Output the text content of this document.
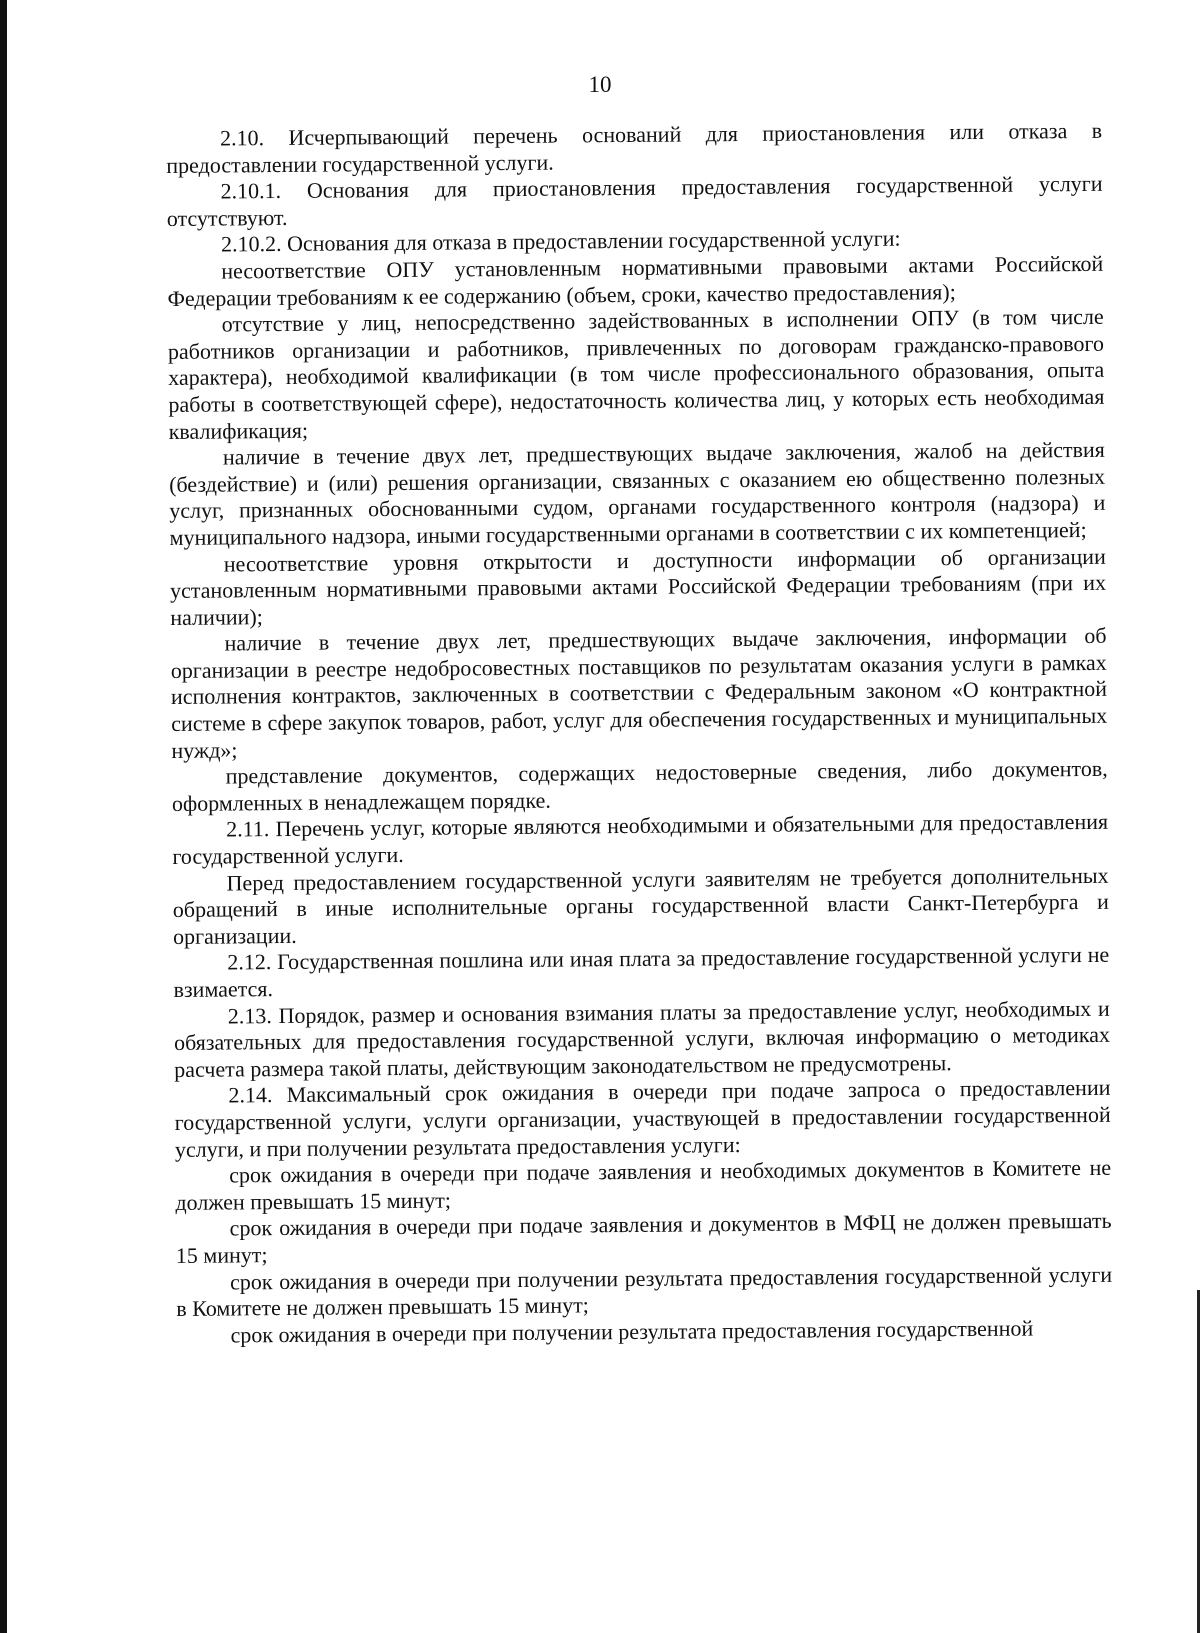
10

2.10. Исчерпывающий перечень оснований для приостановления или отказа в предоставлении государственной услуги.

2.10.1. Основания для приостановления предоставления государственной услуги отсутствуют.

2.10.2. Основания для отказа в предоставлении государственной услуги:

несоответствие ОПУ установленным нормативными правовыми актами Российской Федерации требованиям к ее содержанию (объем, сроки, качество предоставления);

отсутствие у лиц, непосредственно задействованных в исполнении ОПУ (в том числе работников организации и работников, привлеченных по договорам гражданско-правового характера), необходимой квалификации (в том числе профессионального образования, опыта работы в соответствующей сфере), недостаточность количества лиц, у которых есть необходимая квалификация;

наличие в течение двух лет, предшествующих выдаче заключения, жалоб на действия (бездействие) и (или) решения организации, связанных с оказанием ею общественно полезных услуг, признанных обоснованными судом, органами государственного контроля (надзора) и муниципального надзора, иными государственными органами в соответствии с их компетенцией;

несоответствие уровня открытости и доступности информации об организации установленным нормативными правовыми актами Российской Федерации требованиям (при их наличии);

наличие в течение двух лет, предшествующих выдаче заключения, информации об организации в реестре недобросовестных поставщиков по результатам оказания услуги в рамках исполнения контрактов, заключенных в соответствии с Федеральным законом «О контрактной системе в сфере закупок товаров, работ, услуг для обеспечения государственных и муниципальных нужд»;

представление документов, содержащих недостоверные сведения, либо документов, оформленных в ненадлежащем порядке.

2.11. Перечень услуг, которые являются необходимыми и обязательными для предоставления государственной услуги.

Перед предоставлением государственной услуги заявителям не требуется дополнительных обращений в иные исполнительные органы государственной власти Санкт-Петербурга и организации.

2.12. Государственная пошлина или иная плата за предоставление государственной услуги не взимается.

2.13. Порядок, размер и основания взимания платы за предоставление услуг, необходимых и обязательных для предоставления государственной услуги, включая информацию о методиках расчета размера такой платы, действующим законодательством не предусмотрены.

2.14. Максимальный срок ожидания в очереди при подаче запроса о предоставлении государственной услуги, услуги организации, участвующей в предоставлении государственной услуги, и при получении результата предоставления услуги:

срок ожидания в очереди при подаче заявления и необходимых документов в Комитете не должен превышать 15 минут;

срок ожидания в очереди при подаче заявления и документов в МФЦ не должен превышать 15 минут;

срок ожидания в очереди при получении результата предоставления государственной услуги в Комитете не должен превышать 15 минут;

срок ожидания в очереди при получении результата предоставления государственной
